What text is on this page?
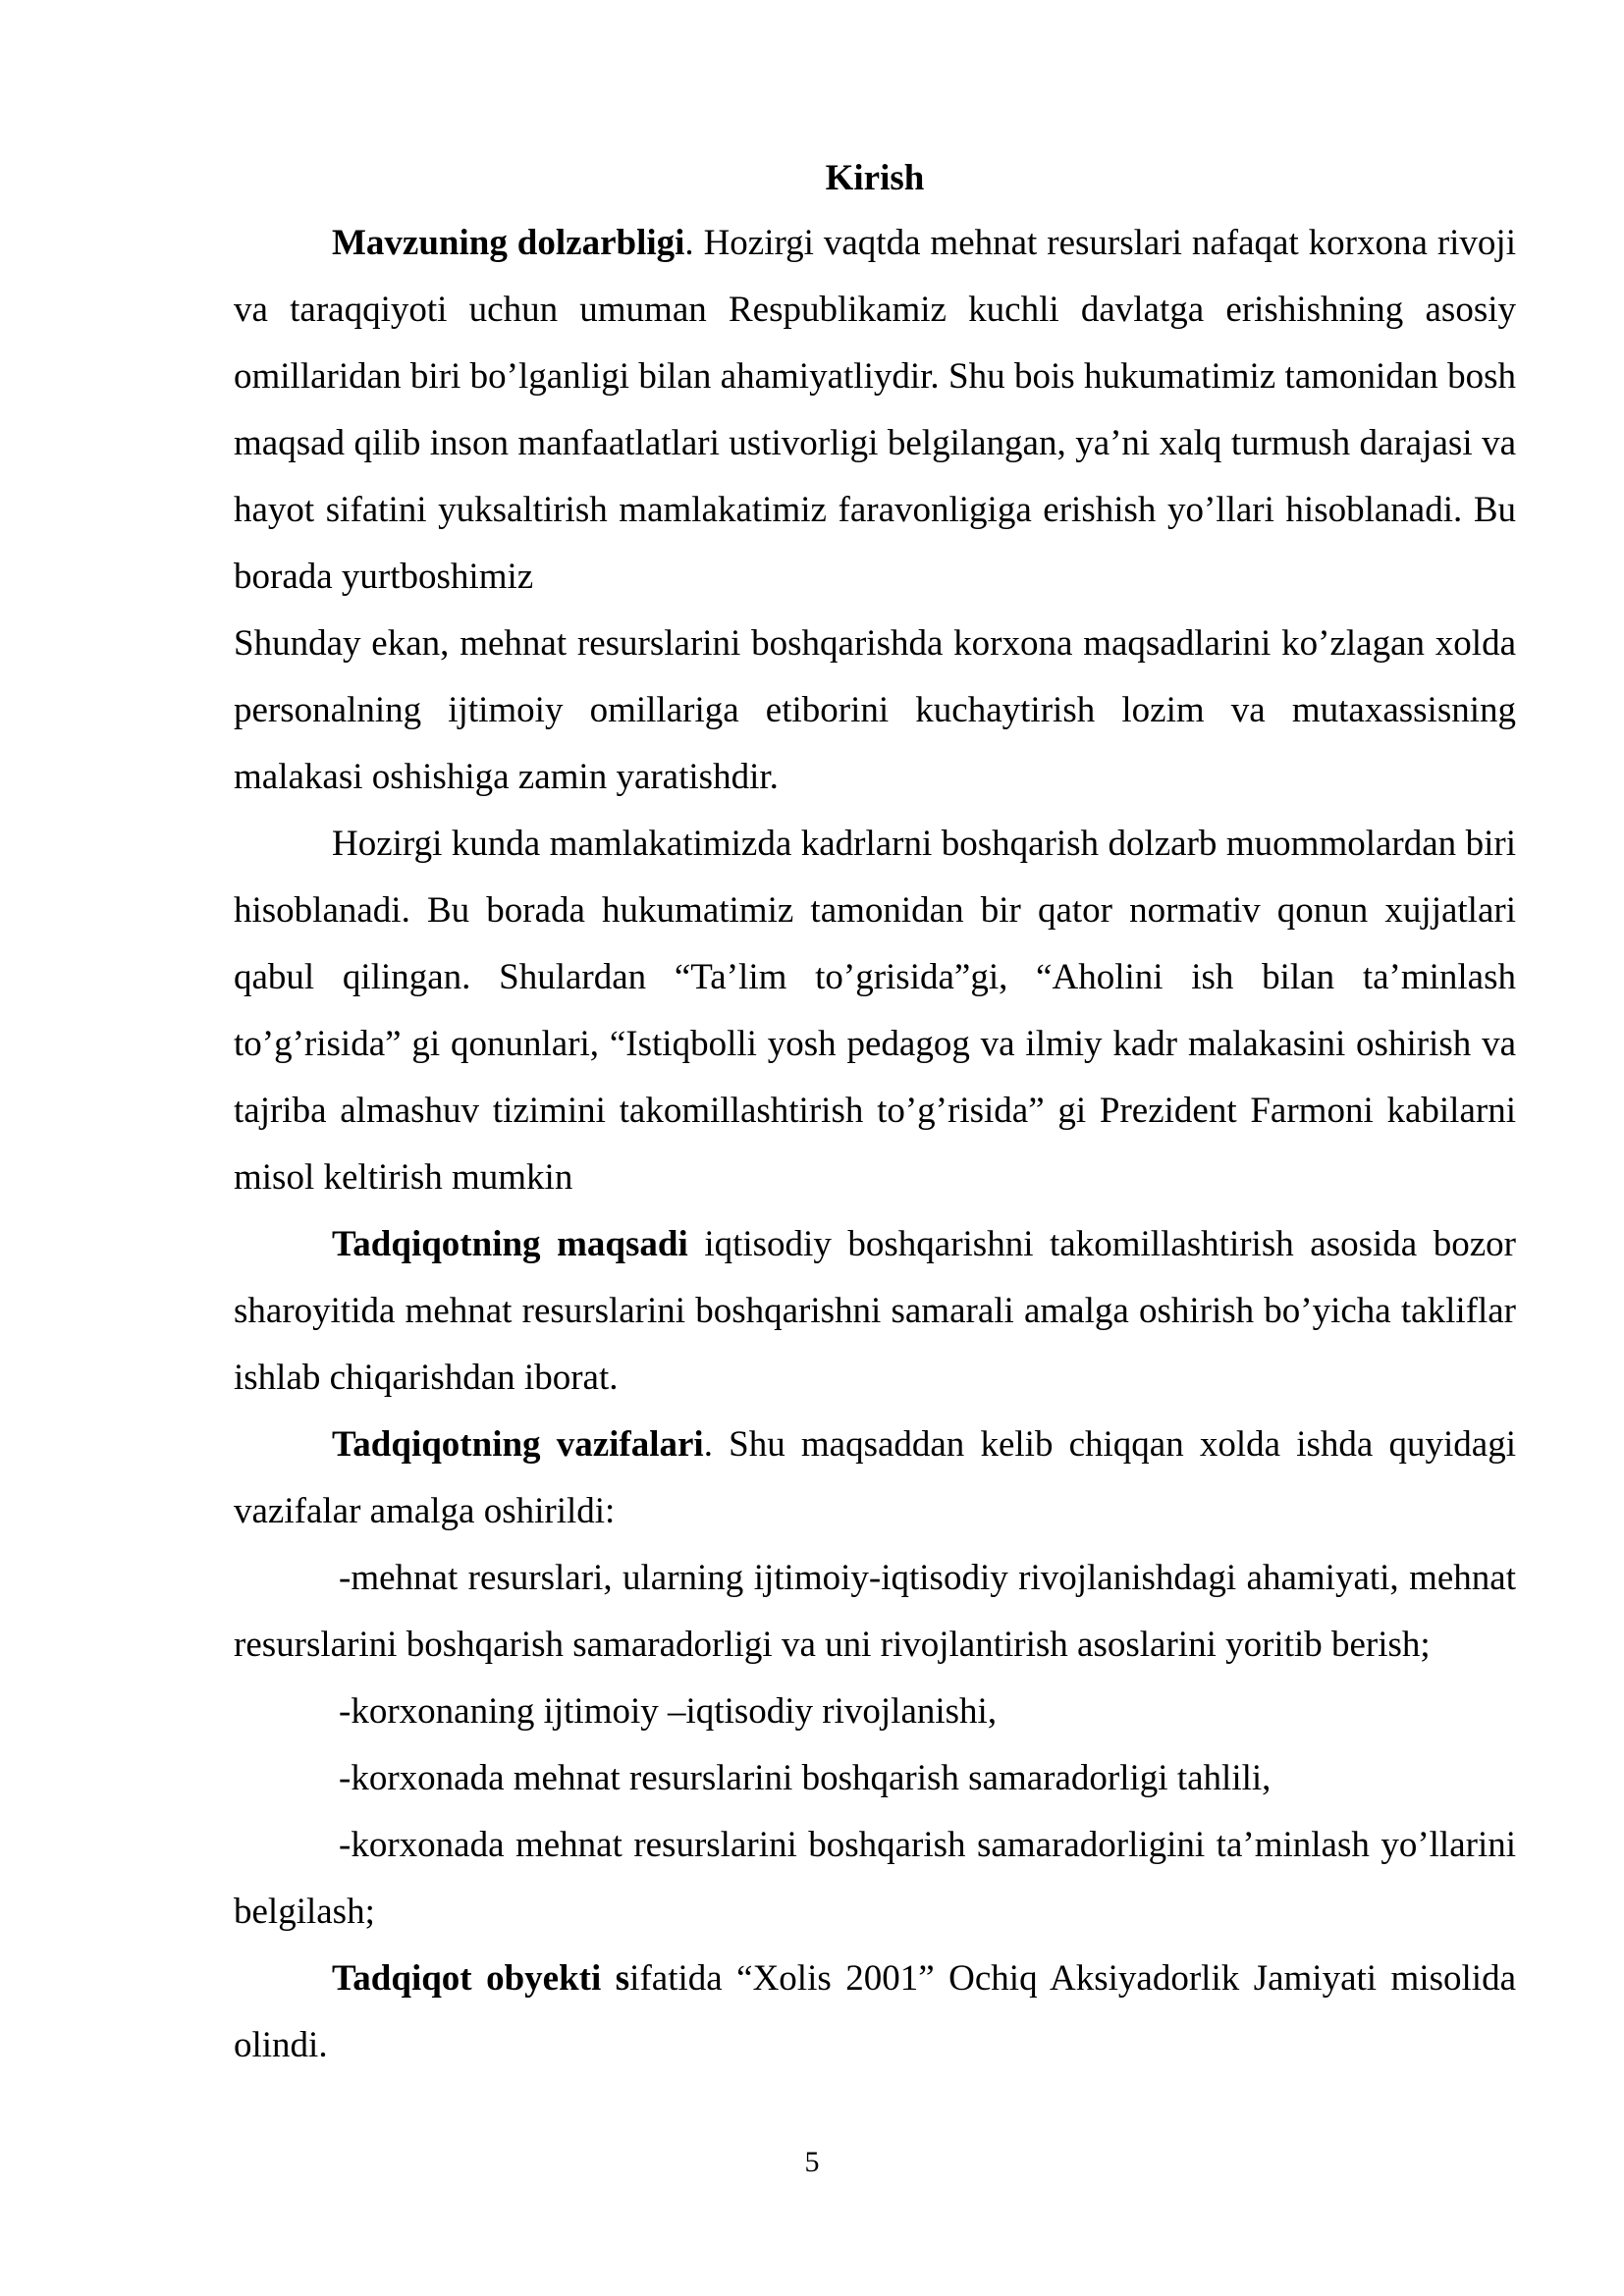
Kirish

Mavzuning dolzarbligi. Hozirgi vaqtda mehnat resurslari nafaqat korxona rivoji va taraqqiyoti uchun umuman Respublikamiz kuchli davlatga erishishning asosiy omillaridan biri bo’lganligi bilan ahamiyatliydir. Shu bois hukumatimiz tamonidan bosh maqsad qilib inson manfaatlatlari ustivorligi belgilangan, ya’ni xalq turmush darajasi va hayot sifatini yuksaltirish mamlakatimiz faravonligiga erishish yo’llari hisoblanadi. Bu borada yurtboshimiz

Shunday ekan, mehnat resurslarini boshqarishda korxona maqsadlarini ko’zlagan xolda personalning ijtimoiy omillariga etiborini kuchaytirish lozim va mutaxassisning malakasi oshishiga zamin yaratishdir.

Hozirgi kunda mamlakatimizda kadrlarni boshqarish dolzarb muommolardan biri hisoblanadi. Bu borada hukumatimiz tamonidan bir qator normativ qonun xujjatlari qabul qilingan. Shulardan “Ta’lim to’grisida”gi, “Aholini ish bilan ta’minlash to’g’risida” gi qonunlari, “Istiqbolli yosh pedagog va ilmiy kadr malakasini oshirish va tajriba almashuv tizimini takomillashtirish to’g’risida” gi Prezident Farmoni kabilarni misol keltirish mumkin

Tadqiqotning maqsadi iqtisodiy boshqarishni takomillashtirish asosida bozor sharoyitida mehnat resurslarini boshqarishni samarali amalga oshirish bo’yicha takliflar ishlab chiqarishdan iborat.

Tadqiqotning vazifalari. Shu maqsaddan kelib chiqqan xolda ishda quyidagi vazifalar amalga oshirildi:

-mehnat resurslari, ularning ijtimoiy-iqtisodiy rivojlanishdagi ahamiyati, mehnat resurslarini boshqarish samaradorligi va uni rivojlantirish asoslarini yoritib berish;

-korxonaning ijtimoiy –iqtisodiy rivojlanishi,

-korxonada mehnat resurslarini boshqarish samaradorligi tahlili,

-korxonada mehnat resurslarini boshqarish samaradorligini ta’minlash yo’llarini belgilash;

Tadqiqot obyekti sifatida “Xolis 2001” Ochiq Aksiyadorlik Jamiyati misolida olindi.

5
